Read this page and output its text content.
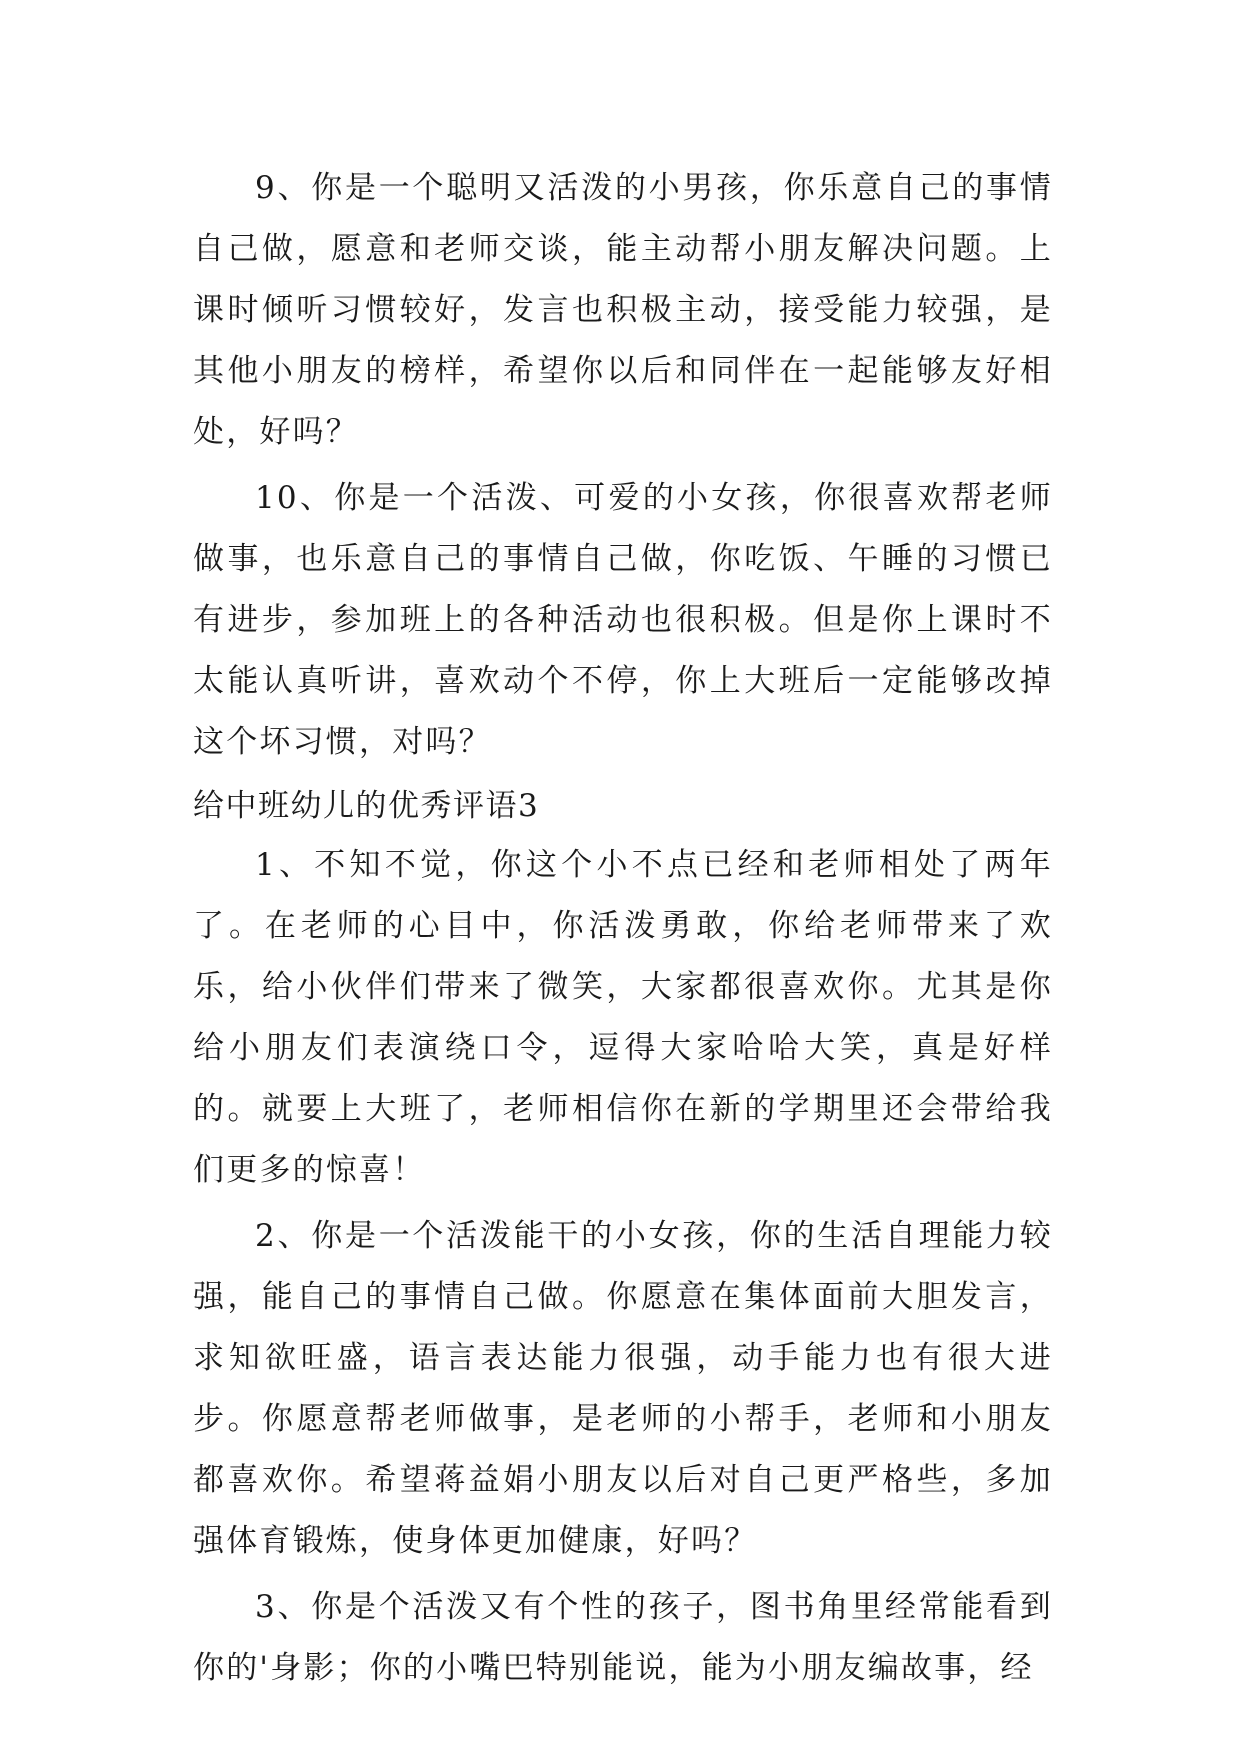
9、你是一个聪明又活泼的小男孩，你乐意自己的事情自己做，愿意和老师交谈，能主动帮小朋友解决问题。上课时倾听习惯较好，发言也积极主动，接受能力较强，是其他小朋友的榜样，希望你以后和同伴在一起能够友好相处，好吗？

10、你是一个活泼、可爱的小女孩，你很喜欢帮老师做事，也乐意自己的事情自己做，你吃饭、午睡的习惯已有进步，参加班上的各种活动也很积极。但是你上课时不太能认真听讲，喜欢动个不停，你上大班后一定能够改掉这个坏习惯，对吗？

给中班幼儿的优秀评语3

1、不知不觉，你这个小不点已经和老师相处了两年了。在老师的心目中，你活泼勇敢，你给老师带来了欢乐，给小伙伴们带来了微笑，大家都很喜欢你。尤其是你给小朋友们表演绕口令，逗得大家哈哈大笑，真是好样的。就要上大班了，老师相信你在新的学期里还会带给我们更多的惊喜！

2、你是一个活泼能干的小女孩，你的生活自理能力较强，能自己的事情自己做。你愿意在集体面前大胆发言，求知欲旺盛，语言表达能力很强，动手能力也有很大进步。你愿意帮老师做事，是老师的小帮手，老师和小朋友都喜欢你。希望蒋益娟小朋友以后对自己更严格些，多加强体育锻炼，使身体更加健康，好吗？

3、你是个活泼又有个性的孩子，图书角里经常能看到你的'身影；你的小嘴巴特别能说，能为小朋友编故事，经
